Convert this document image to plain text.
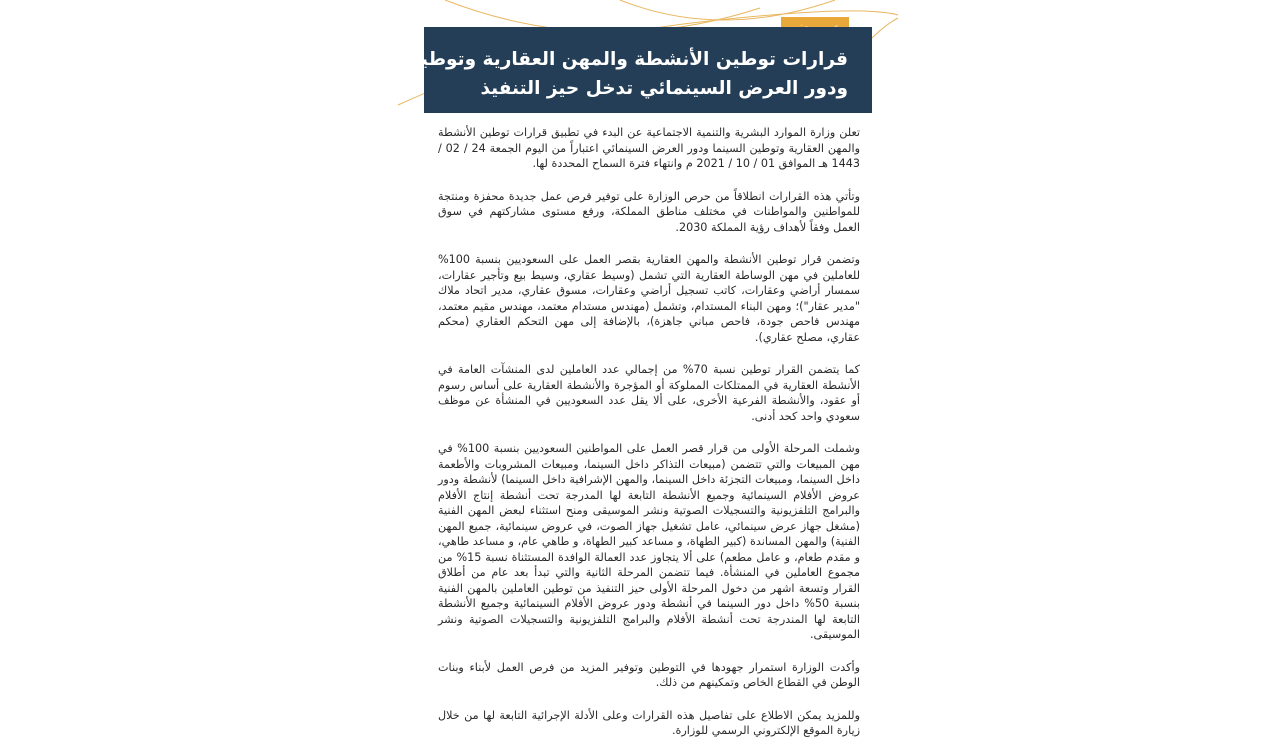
قرارات توطين الأنشطة والمهن العقارية وتوطين السينما
ودور العرض السينمائي تدخل حيز التنفيذ

تعلن وزارة الموارد البشرية والتنمية الاجتماعية عن البدء في تطبيق قرارات توطين الأنشطة والمهن العقارية وتوطين السينما ودور العرض السينمائي اعتباراً من اليوم الجمعة 24 / 02 / 1443 هـ الموافق 01 / 10 / 2021 م وانتهاء فترة السماح المحددة لها.

وتأتي هذه القرارات انطلاقاً من حرص الوزارة على توفير فرص عمل جديدة محفزة ومنتجة للمواطنين والمواطنات في مختلف مناطق المملكة، ورفع مستوى مشاركتهم في سوق العمل وفقاً لأهداف رؤية المملكة 2030.

وتضمن قرار توطين الأنشطة والمهن العقارية بقصر العمل على السعوديين بنسبة 100% للعاملين في مهن الوساطة العقارية التي تشمل (وسيط عقاري، وسيط بيع وتأجير عقارات، سمسار أراضي وعقارات، كاتب تسجيل أراضي وعقارات، مسوق عقاري، مدير اتحاد ملاك "مدير عقار")؛ ومهن البناء المستدام، وتشمل (مهندس مستدام معتمد، مهندس مقيم معتمد، مهندس فاحص جودة، فاحص مباني جاهزة)، بالإضافة إلى مهن التحكم العقاري (محكم عقاري، مصلح عقاري).

كما يتضمن القرار توطين نسبة 70% من إجمالي عدد العاملين لدى المنشآت العامة في الأنشطة العقارية في الممتلكات المملوكة أو المؤجرة والأنشطة العقارية على أساس رسوم أو عقود، والأنشطة الفرعية الأخرى، على ألا يقل عدد السعوديين في المنشأة عن موظف سعودي واحد كحد أدنى.

وشملت المرحلة الأولى من قرار قصر العمل على المواطنين السعوديين بنسبة 100% في مهن المبيعات والتي تتضمن (مبيعات التذاكر داخل السينما، ومبيعات المشروبات والأطعمة داخل السينما، ومبيعات التجزئة داخل السينما، والمهن الإشرافية داخل السينما) لأنشطة ودور عروض الأفلام السينمائية وجميع الأنشطة التابعة لها المدرجة تحت أنشطة إنتاج الأفلام والبرامج التلفزيونية والتسجيلات الصوتية ونشر الموسيقى ومنح استثناء لبعض المهن الفنية (مشغل جهاز عرض سينمائي، عامل تشغيل جهاز الصوت، في عروض سينمائية، جميع المهن الفنية) والمهن المساندة (كبير الطهاة، و مساعد كبير الطهاة، و طاهي عام، و مساعد طاهي، و مقدم طعام، و عامل مطعم) على ألا يتجاوز عدد العمالة الوافدة المستثناة نسبة 15% من مجموع العاملين في المنشأة. فيما تتضمن المرحلة الثانية والتي تبدأ بعد عام من أطلاق القرار وتسعة اشهر من دخول المرحلة الأولى حيز التنفيذ من توطين العاملين بالمهن الفنية بنسبة 50% داخل دور السينما في أنشطة ودور عروض الأفلام السينمائية وجميع الأنشطة التابعة لها المندرجة تحت أنشطة الأفلام والبرامج التلفزيونية والتسجيلات الصوتية ونشر الموسيقى.

وأكدت الوزارة استمرار جهودها في التوطين وتوفير المزيد من فرص العمل لأبناء وبنات الوطن في القطاع الخاص وتمكينهم من ذلك.

وللمزيد يمكن الاطلاع على تفاصيل هذه القرارات وعلى الأدلة الإجرائية التابعة لها من خلال زيارة الموقع الإلكتروني الرسمي للوزارة.
